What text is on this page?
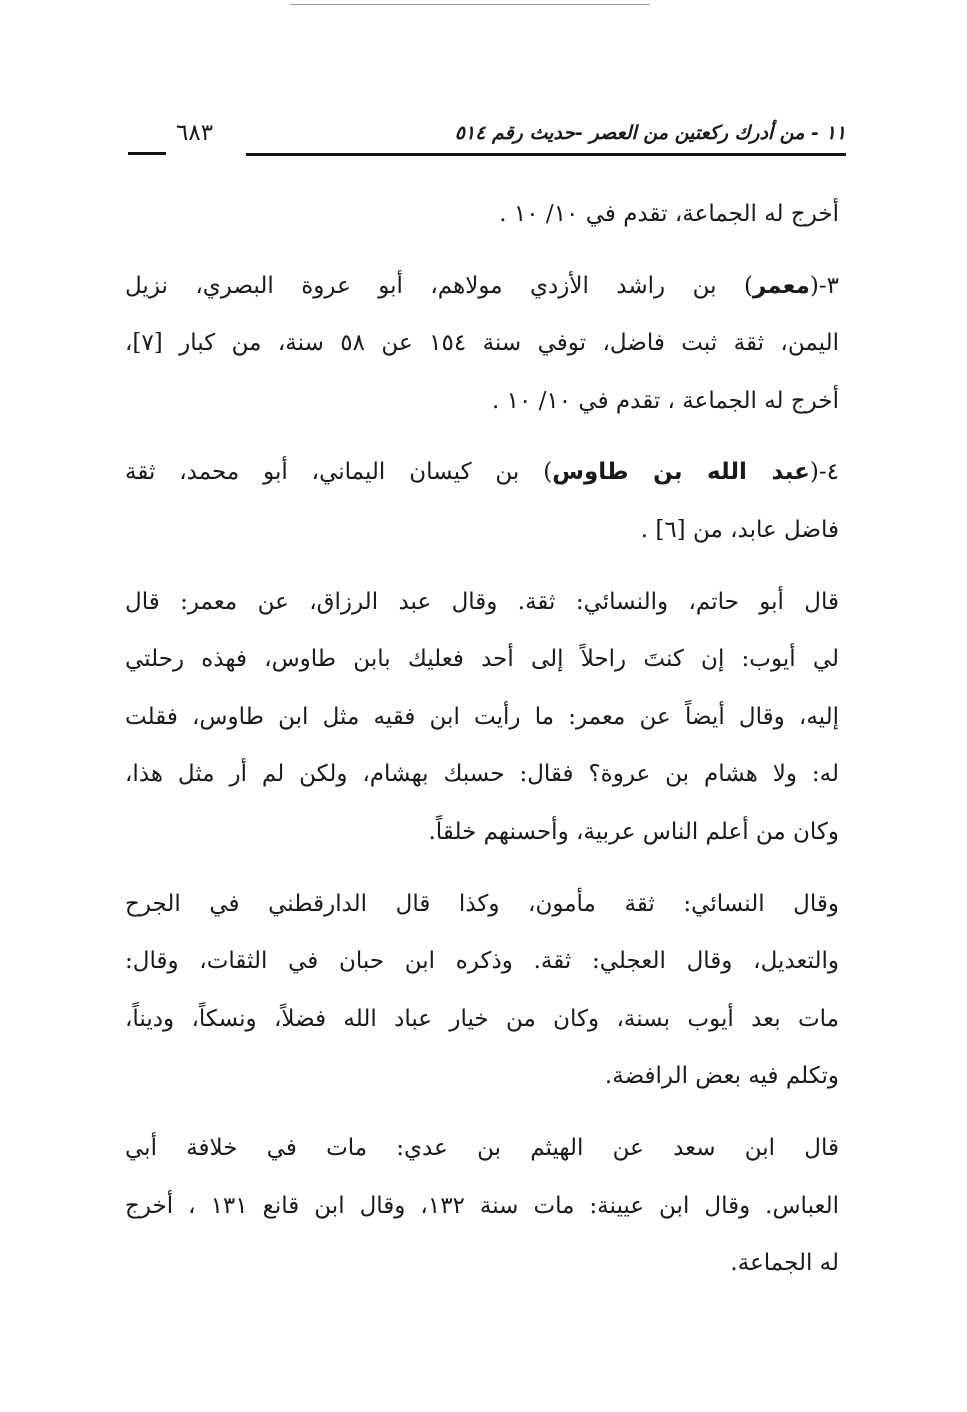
١١ - من أدرك ركعتين من العصر -حديث رقم ٥١٤
٦٨٣

أخرج له الجماعة، تقدم في ١٠/ ١٠ .

٣-(معمر) بن راشد الأزدي مولاهم، أبو عروة البصري، نزيل
اليمن، ثقة ثبت فاضل، توفي سنة ١٥٤ عن ٥٨ سنة، من كبار [٧]،
أخرج له الجماعة ، تقدم في ١٠/ ١٠ .

٤-(عبد الله بن طاوس) بن كيسان اليماني، أبو محمد، ثقة
فاضل عابد، من [٦] .

قال أبو حاتم، والنسائي: ثقة. وقال عبد الرزاق، عن معمر: قال
لي أيوب: إن كنتَ راحلاً إلى أحد فعليك بابن طاوس، فهذه رحلتي
إليه، وقال أيضاً عن معمر: ما رأيت ابن فقيه مثل ابن طاوس، فقلت
له: ولا هشام بن عروة؟ فقال: حسبك بهشام، ولكن لم أر مثل هذا،
وكان من أعلم الناس عربية، وأحسنهم خلقاً.

وقال النسائي: ثقة مأمون، وكذا قال الدارقطني في الجرح
والتعديل، وقال العجلي: ثقة. وذكره ابن حبان في الثقات، وقال:
مات بعد أيوب بسنة، وكان من خيار عباد الله فضلاً، ونسكاً، وديناً،
وتكلم فيه بعض الرافضة.

قال ابن سعد عن الهيثم بن عدي: مات في خلافة أبي
العباس. وقال ابن عيينة: مات سنة ١٣٢، وقال ابن قانع ١٣١ ، أخرج
له الجماعة.
